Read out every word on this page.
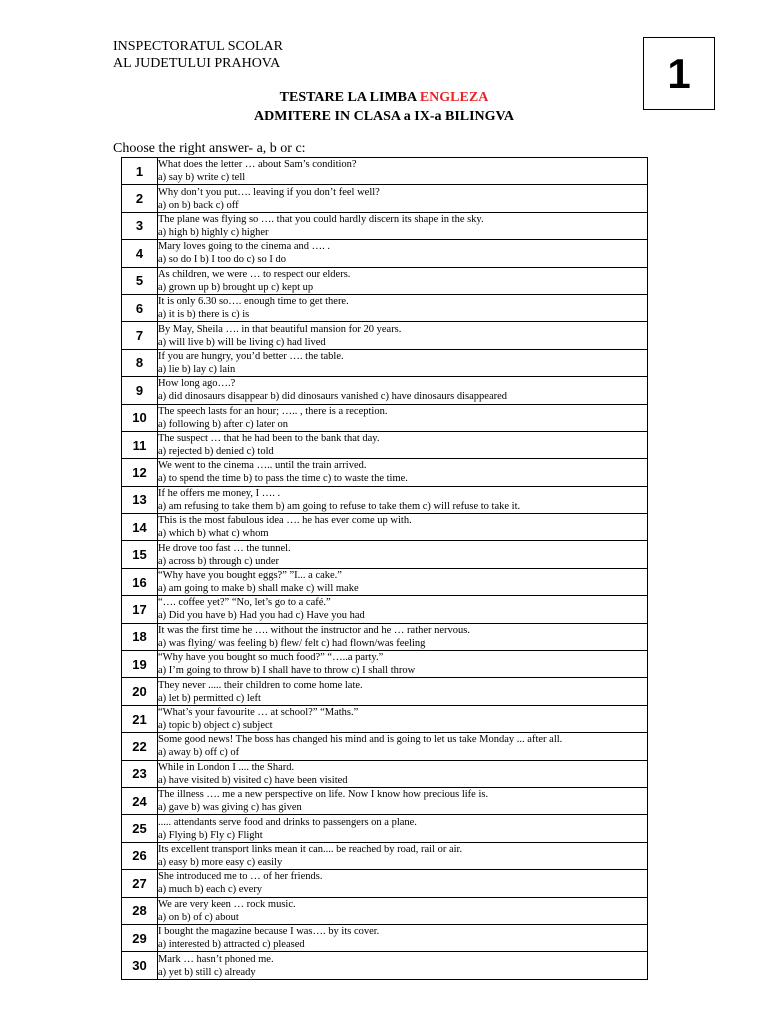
INSPECTORATUL SCOLAR
AL JUDETULUI PRAHOVA	1
TESTARE LA LIMBA ENGLEZA
ADMITERE IN CLASA a IX-a BILINGVA
Choose the right answer- a, b or c:
1	What does the letter … about Sam’s condition?
a) say b) write c) tell

2	Why don’t you put…. leaving if you don’t feel well?
a) on b) back c) off

3	The plane was flying so …. that you could hardly discern its shape in the sky.
a) high b) highly c) higher

4	Mary loves going to the cinema and …. .
a) so do I b) I too do c) so I do

5	As children, we were … to respect our elders.
a) grown up b) brought up c) kept up

6	It is only 6.30 so…. enough time to get there.
a) it is b) there is c) is

7	By May, Sheila …. in that beautiful mansion for 20 years.
a) will live b) will be living c) had lived

8	If you are hungry, you’d better …. the table.
a) lie b) lay c) lain

9	How long ago….?
a) did dinosaurs disappear b) did dinosaurs vanished c) have dinosaurs disappeared

10	The speech lasts for an hour; ….. , there is a reception.
a) following b) after c) later on

11	The suspect … that he had been to the bank that day.
a) rejected b) denied c) told

12	We went to the cinema ….. until the train arrived.
a) to spend the time b) to pass the time c) to waste the time.

13	If he offers me money, I …. .
a) am refusing to take them b) am going to refuse to take them c) will refuse to take it.

14	This is the most fabulous idea …. he has ever come up with.
a) which b) what c) whom

15	He drove too fast … the tunnel.
a) across b) through c) under

16	“Why have you bought eggs?” ”I... a cake.”
a) am going to make b) shall make c) will make

17	“…. coffee yet?” “No, let’s go to a café.”
a) Did you have b) Had you had c) Have you had

18	It was the first time he …. without the instructor and he … rather nervous.
a) was flying/ was feeling b) flew/ felt c) had flown/was feeling

19	“Why have you bought so much food?” “…..a party.”
a) I’m going to throw b) I shall have to throw c) I shall throw

20	They never ..... their children to come home late.
a) let b) permitted c) left

21	“What’s your favourite … at school?” “Maths.”
a) topic b) object c) subject

22	Some good news! The boss has changed his mind and is going to let us take Monday ... after all.
a) away b) off c) of

23	While in London I .... the Shard.
a) have visited b) visited c) have been visited

24	The illness …. me a new perspective on life. Now I know how precious life is.
a) gave b) was giving c) has given

25	..... attendants serve food and drinks to passengers on a plane.
a) Flying b) Fly c) Flight

26	Its excellent transport links mean it can.... be reached by road, rail or air.
a) easy b) more easy c) easily

27	She introduced me to … of her friends.
a) much b) each c) every

28	We are very keen … rock music.
a) on b) of c) about

29	I bought the magazine because I was…. by its cover.
a) interested b) attracted c) pleased

30	Mark … hasn’t phoned me.
a) yet b) still c) already
